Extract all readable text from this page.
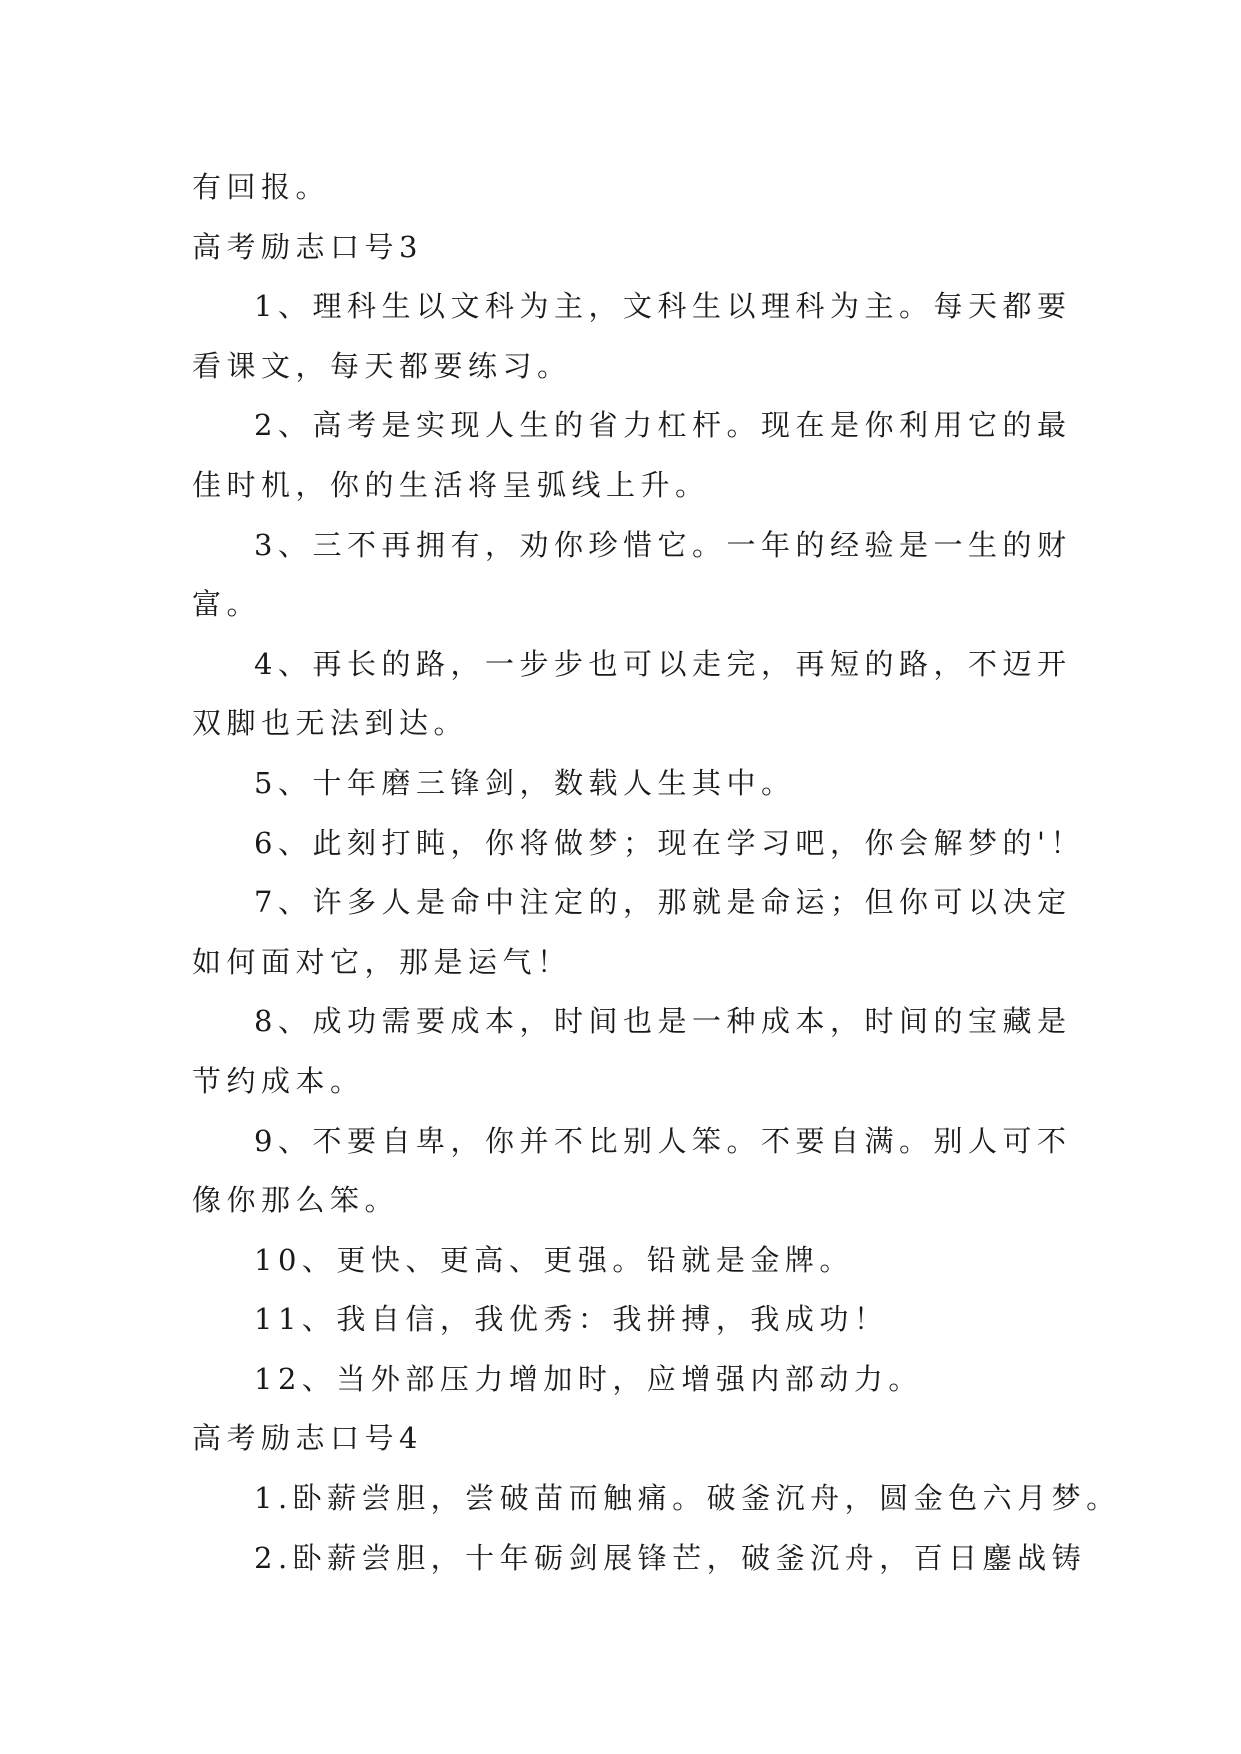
有回报。
高考励志口号3
1、理科生以文科为主，文科生以理科为主。每天都要
看课文，每天都要练习。
2、高考是实现人生的省力杠杆。现在是你利用它的最
佳时机，你的生活将呈弧线上升。
3、三不再拥有，劝你珍惜它。一年的经验是一生的财
富。
4、再长的路，一步步也可以走完，再短的路，不迈开
双脚也无法到达。
5、十年磨三锋剑，数载人生其中。
6、此刻打盹，你将做梦；现在学习吧，你会解梦的'！
7、许多人是命中注定的，那就是命运；但你可以决定
如何面对它，那是运气！
8、成功需要成本，时间也是一种成本，时间的宝藏是
节约成本。
9、不要自卑，你并不比别人笨。不要自满。别人可不
像你那么笨。
10、更快、更高、更强。铅就是金牌。
11、我自信，我优秀：我拼搏，我成功！
12、当外部压力增加时，应增强内部动力。
高考励志口号4
1.卧薪尝胆，尝破苗而触痛。破釜沉舟，圆金色六月梦。
2.卧薪尝胆，十年砺剑展锋芒，破釜沉舟，百日鏖战铸
